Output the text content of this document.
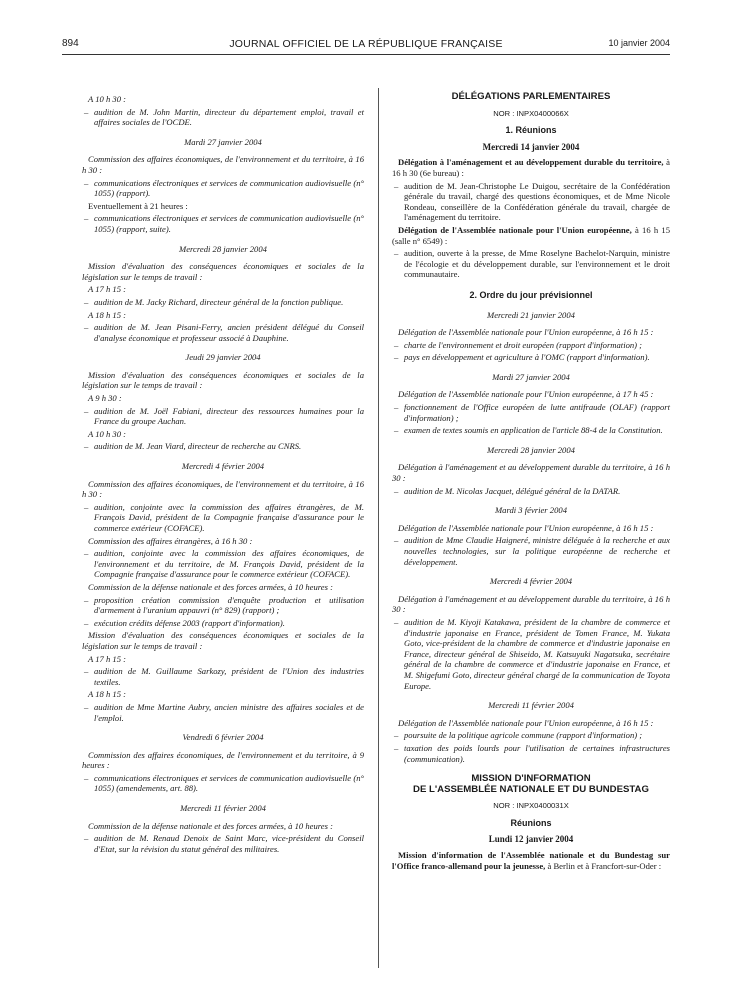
894	JOURNAL OFFICIEL DE LA RÉPUBLIQUE FRANÇAISE	10 janvier 2004
A 10 h 30 :
– audition de M. John Martin, directeur du département emploi, travail et affaires sociales de l'OCDE.
Mardi 27 janvier 2004
Commission des affaires économiques, de l'environnement et du territoire, à 16 h 30 :
– communications électroniques et services de communication audiovisuelle (n° 1055) (rapport).
Eventuellement à 21 heures :
– communications électroniques et services de communication audiovisuelle (n° 1055) (rapport, suite).
Mercredi 28 janvier 2004
Mission d'évaluation des conséquences économiques et sociales de la législation sur le temps de travail :
A 17 h 15 :
– audition de M. Jacky Richard, directeur général de la fonction publique.
A 18 h 15 :
– audition de M. Jean Pisani-Ferry, ancien président délégué du Conseil d'analyse économique et professeur associé à Dauphine.
Jeudi 29 janvier 2004
Mission d'évaluation des conséquences économiques et sociales de la législation sur le temps de travail :
A 9 h 30 :
– audition de M. Joël Fabiani, directeur des ressources humaines pour la France du groupe Auchan.
A 10 h 30 :
– audition de M. Jean Viard, directeur de recherche au CNRS.
Mercredi 4 février 2004
Commission des affaires économiques, de l'environnement et du territoire, à 16 h 30 :
– audition, conjointe avec la commission des affaires étrangères, de M. François David, président de la Compagnie française d'assurance pour le commerce extérieur (COFACE).
Commission des affaires étrangères, à 16 h 30 :
– audition, conjointe avec la commission des affaires économiques, de l'environnement et du territoire, de M. François David, président de la Compagnie française d'assurance pour le commerce extérieur (COFACE).
Commission de la défense nationale et des forces armées, à 10 heures :
– proposition création commission d'enquête production et utilisation d'armement à l'uranium appauvri (n° 829) (rapport) ;
– exécution crédits défense 2003 (rapport d'information).
Mission d'évaluation des conséquences économiques et sociales de la législation sur le temps de travail :
A 17 h 15 :
– audition de M. Guillaume Sarkozy, président de l'Union des industries textiles.
A 18 h 15 :
– audition de Mme Martine Aubry, ancien ministre des affaires sociales et de l'emploi.
Vendredi 6 février 2004
Commission des affaires économiques, de l'environnement et du territoire, à 9 heures :
– communications électroniques et services de communication audiovisuelle (n° 1055) (amendements, art. 88).
Mercredi 11 février 2004
Commission de la défense nationale et des forces armées, à 10 heures :
– audition de M. Renaud Denoix de Saint Marc, vice-président du Conseil d'Etat, sur la révision du statut général des militaires.
DÉLÉGATIONS PARLEMENTAIRES
NOR : INPX0400066X
1. Réunions
Mercredi 14 janvier 2004
Délégation à l'aménagement et au développement durable du territoire, à 16 h 30 (6e bureau) :
– audition de M. Jean-Christophe Le Duigou, secrétaire de la Confédération générale du travail, chargé des questions économiques, et de Mme Nicole Rondeau, conseillère de la Confédération générale du travail, chargée de l'aménagement du territoire.
Délégation de l'Assemblée nationale pour l'Union européenne, à 16 h 15 (salle n° 6549) :
– audition, ouverte à la presse, de Mme Roselyne Bachelot-Narquin, ministre de l'écologie et du développement durable, sur l'environnement et le droit communautaire.
2. Ordre du jour prévisionnel
Mercredi 21 janvier 2004
Délégation de l'Assemblée nationale pour l'Union européenne, à 16 h 15 :
– charte de l'environnement et droit européen (rapport d'information) ;
– pays en développement et agriculture à l'OMC (rapport d'information).
Mardi 27 janvier 2004
Délégation de l'Assemblée nationale pour l'Union européenne, à 17 h 45 :
– fonctionnement de l'Office européen de lutte antifraude (OLAF) (rapport d'information) ;
– examen de textes soumis en application de l'article 88-4 de la Constitution.
Mercredi 28 janvier 2004
Délégation à l'aménagement et au développement durable du territoire, à 16 h 30 :
– audition de M. Nicolas Jacquet, délégué général de la DATAR.
Mardi 3 février 2004
Délégation de l'Assemblée nationale pour l'Union européenne, à 16 h 15 :
– audition de Mme Claudie Haigneré, ministre déléguée à la recherche et aux nouvelles technologies, sur la politique européenne de recherche et développement.
Mercredi 4 février 2004
Délégation à l'aménagement et au développement durable du territoire, à 16 h 30 :
– audition de M. Kiyoji Katakawa, président de la chambre de commerce et d'industrie japonaise en France, président de Tomen France, M. Yukata Goto, vice-président de la chambre de commerce et d'industrie japonaise en France, directeur général de Shiseido, M. Katsuyuki Nagatsuka, secrétaire général de la chambre de commerce et d'industrie japonaise en France, et M. Shigefumi Goto, directeur général chargé de la communication de Toyota Europe.
Mercredi 11 février 2004
Délégation de l'Assemblée nationale pour l'Union européenne, à 16 h 15 :
– poursuite de la politique agricole commune (rapport d'information) ;
– taxation des poids lourds pour l'utilisation de certaines infrastructures (communication).
MISSION D'INFORMATION
DE L'ASSEMBLÉE NATIONALE ET DU BUNDESTAG
NOR : INPX0400031X
Réunions
Lundi 12 janvier 2004
Mission d'information de l'Assemblée nationale et du Bundestag sur l'Office franco-allemand pour la jeunesse, à Berlin et à Francfort-sur-Oder :
